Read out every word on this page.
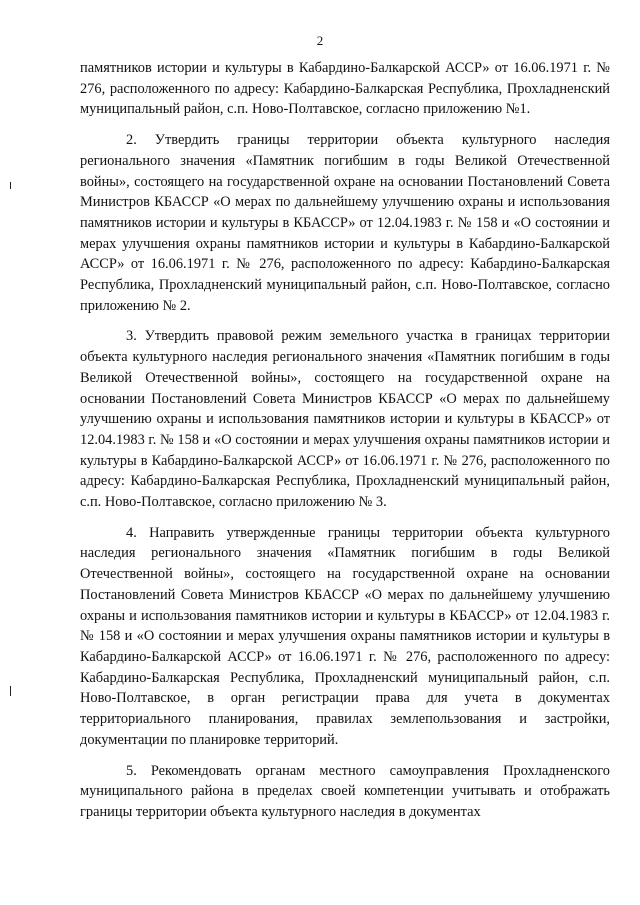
2

памятников истории и культуры в Кабардино-Балкарской АССР» от 16.06.1971 г. № 276, расположенного по адресу: Кабардино-Балкарская Республика, Прохладненский муниципальный район, с.п. Ново-Полтавское, согласно приложению №1.

2. Утвердить границы территории объекта культурного наследия регионального значения «Памятник погибшим в годы Великой Отечественной войны», состоящего на государственной охране на основании Постановлений Совета Министров КБАССР «О мерах по дальнейшему улучшению охраны и использования памятников истории и культуры в КБАССР» от 12.04.1983 г. № 158 и «О состоянии и мерах улучшения охраны памятников истории и культуры в Кабардино-Балкарской АССР» от 16.06.1971 г. № 276, расположенного по адресу: Кабардино-Балкарская Республика, Прохладненский муниципальный район, с.п. Ново-Полтавское, согласно приложению № 2.

3. Утвердить правовой режим земельного участка в границах территории объекта культурного наследия регионального значения «Памятник погибшим в годы Великой Отечественной войны», состоящего на государственной охране на основании Постановлений Совета Министров КБАССР «О мерах по дальнейшему улучшению охраны и использования памятников истории и культуры в КБАССР» от 12.04.1983 г. № 158 и «О состоянии и мерах улучшения охраны памятников истории и культуры в Кабардино-Балкарской АССР» от 16.06.1971 г. № 276, расположенного по адресу: Кабардино-Балкарская Республика, Прохладненский муниципальный район, с.п. Ново-Полтавское, согласно приложению № 3.

4. Направить утвержденные границы территории объекта культурного наследия регионального значения «Памятник погибшим в годы Великой Отечественной войны», состоящего на государственной охране на основании Постановлений Совета Министров КБАССР «О мерах по дальнейшему улучшению охраны и использования памятников истории и культуры в КБАССР» от 12.04.1983 г. № 158 и «О состоянии и мерах улучшения охраны памятников истории и культуры в Кабардино-Балкарской АССР» от 16.06.1971 г. № 276, расположенного по адресу: Кабардино-Балкарская Республика, Прохладненский муниципальный район, с.п. Ново-Полтавское, в орган регистрации права для учета в документах территориального планирования, правилах землепользования и застройки, документации по планировке территорий.

5. Рекомендовать органам местного самоуправления Прохладненского муниципального района в пределах своей компетенции учитывать и отображать границы территории объекта культурного наследия в документах
